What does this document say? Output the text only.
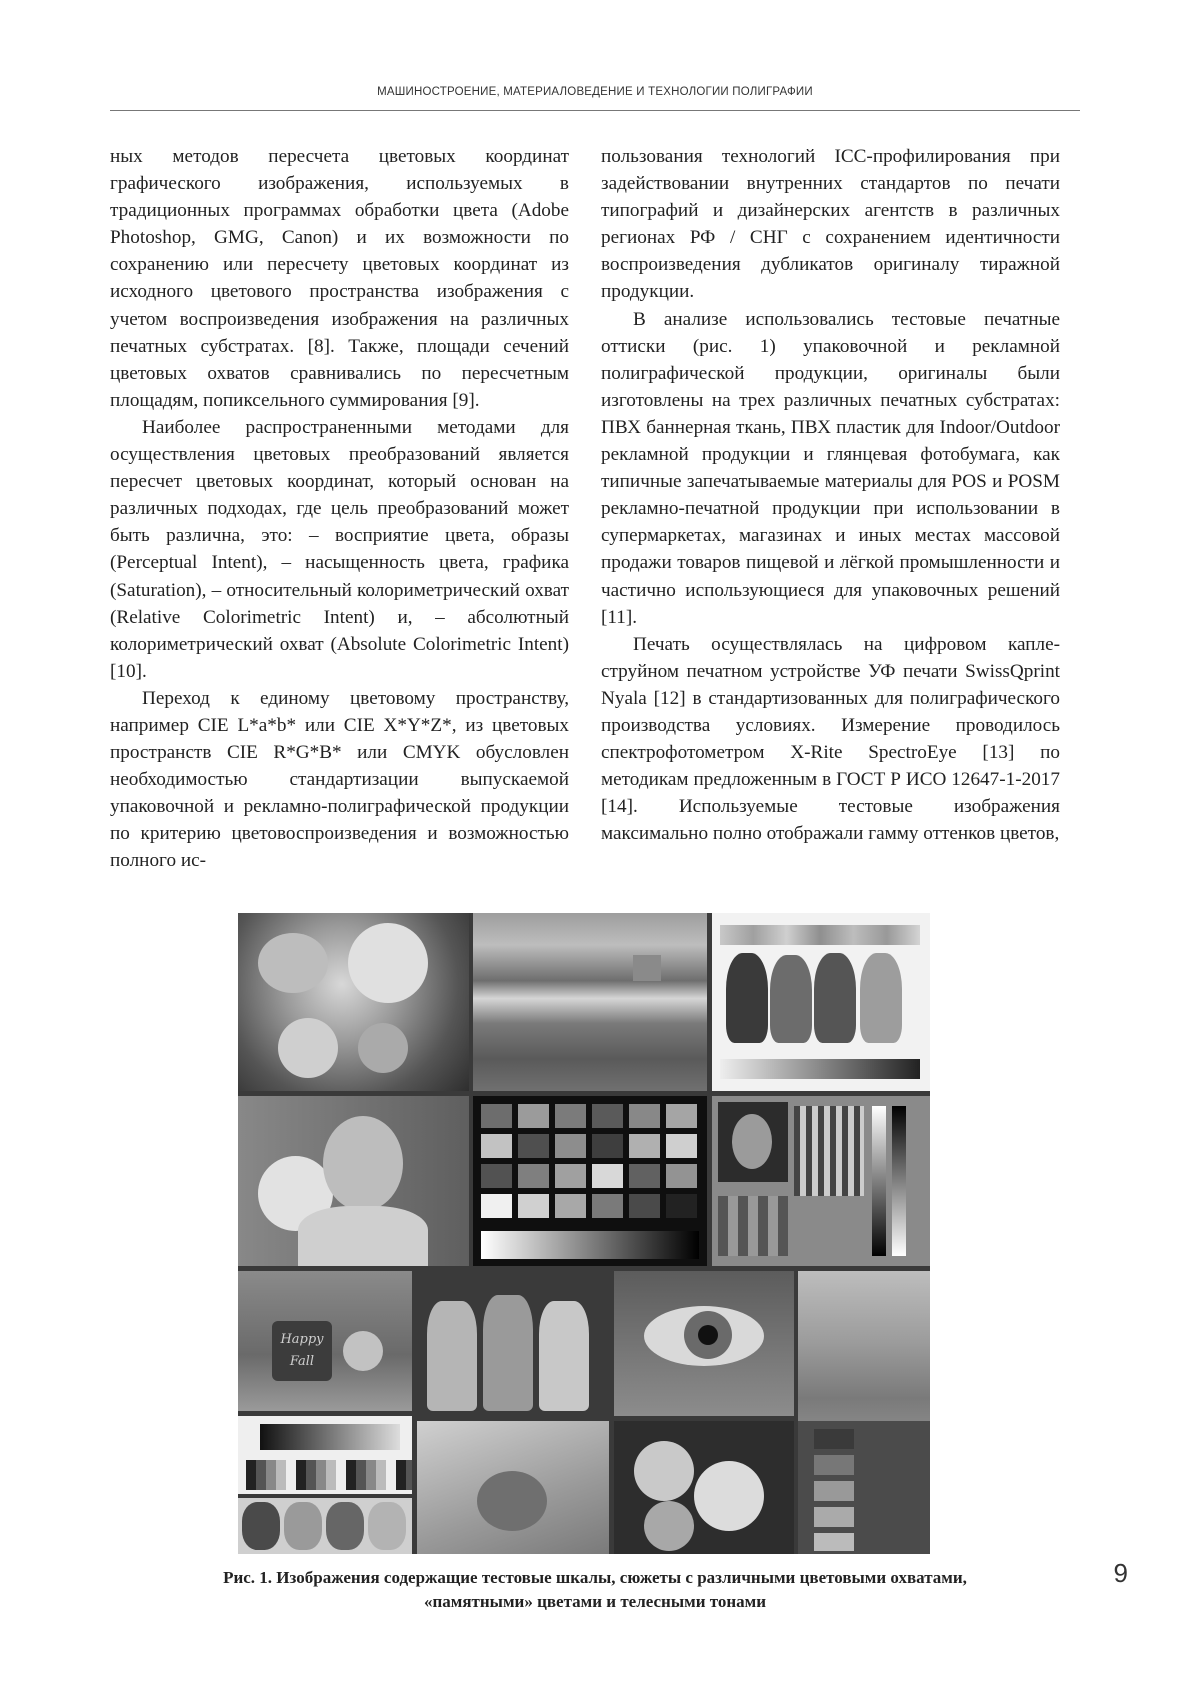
МАШИНОСТРОЕНИЕ, МАТЕРИАЛОВЕДЕНИЕ И ТЕХНОЛОГИИ ПОЛИГРАФИИ

ных методов пересчета цветовых координат графического изображения, используемых в традиционных программах обработки цвета (Adobe Photoshop, GMG, Canon) и их возможности по сохранению или пересчету цветовых координат из исходного цветового пространства изображения с учетом воспроизведения изображения на различных печатных субстратах. [8]. Также, площади сечений цветовых охватов сравнивались по пересчетным площадям, попиксельного суммирования [9].

Наиболее распространенными методами для осуществления цветовых преобразований является пересчет цветовых координат, который основан на различных подходах, где цель преобразований может быть различна, это: – восприятие цвета, образы (Perceptual Intent), – насыщенность цвета, графика (Saturation), – относительный колориметрический охват (Relative Colorimetric Intent) и, – абсолютный колориметрический охват (Absolute Colorimetric Intent) [10].

Переход к единому цветовому пространству, например CIE L*a*b* или CIE X*Y*Z*, из цветовых пространств CIE R*G*B* или CMYK обусловлен необходимостью стандартизации выпускаемой упаковочной и рекламно-полиграфической продукции по критерию цветовоспроизведения и возможностью полного ис-

пользования технологий ICC-профилирования при задействовании внутренних стандартов по печати типографий и дизайнерских агентств в различных регионах РФ / СНГ с сохранением идентичности воспроизведения дубликатов оригиналу тиражной продукции.

В анализе использовались тестовые печатные оттиски (рис. 1) упаковочной и рекламной полиграфической продукции, оригиналы были изготовлены на трех различных печатных субстратах: ПВХ баннерная ткань, ПВХ пластик для Indoor/Outdoor рекламной продукции и глянцевая фотобумага, как типичные запечатываемые материалы для POS и POSM рекламно-печатной продукции при использовании в супермаркетах, магазинах и иных местах массовой продажи товаров пищевой и лёгкой промышленности и частично использующиеся для упаковочных решений [11].

Печать осуществлялась на цифровом капле-струйном печатном устройстве УФ печати SwissQprint Nyala [12] в стандартизованных для полиграфического производства условиях. Измерение проводилось спектрофотометром X-Rite SpectroEye [13] по методикам предложенным в ГОСТ Р ИСО 12647-1-2017 [14]. Используемые тестовые изображения максимально полно отображали гамму оттенков цветов,

Happy Fall
Рис. 1. Изображения содержащие тестовые шкалы, сюжеты с различными цветовыми охватами,
«памятными» цветами и телесными тонами
9
